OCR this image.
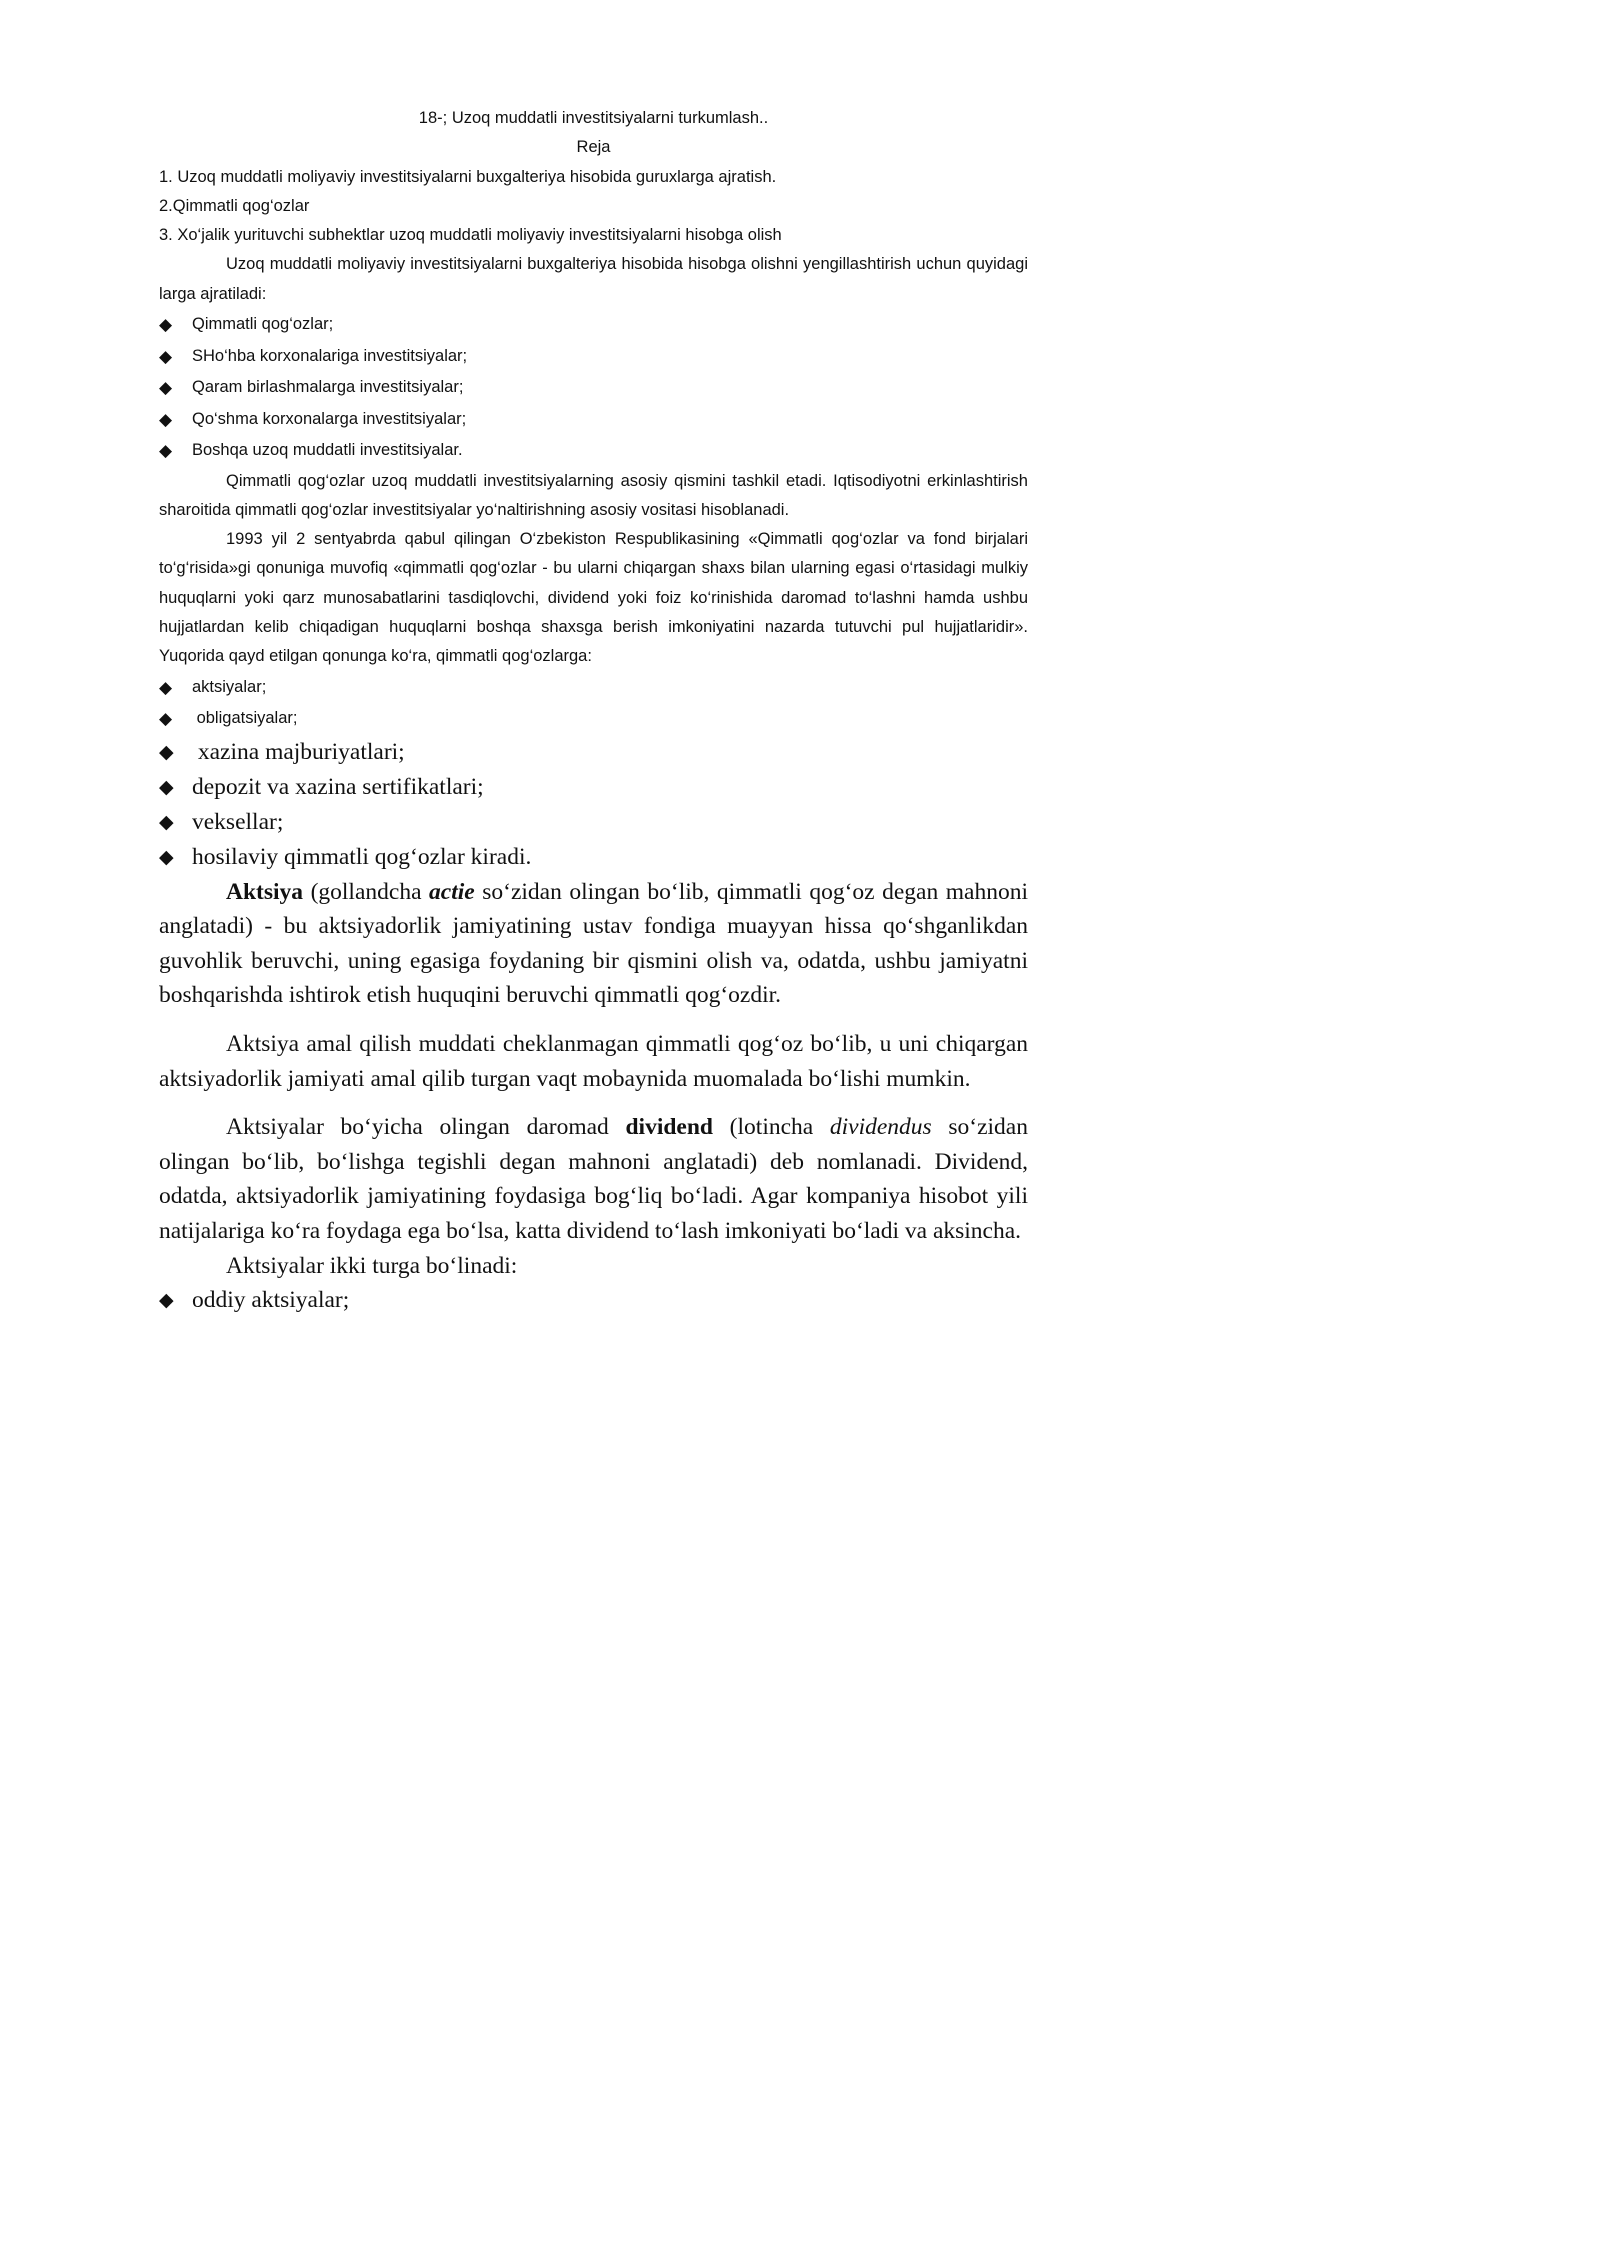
18-; Uzoq muddatli investitsiyalarni turkumlash..

Reja

1. Uzoq muddatli moliyaviy investitsiyalarni buxgalteriya hisobida guruxlarga ajratish.

2.Qimmatli qog‘ozlar

3. Xo‘jalik yurituvchi subhektlar uzoq muddatli moliyaviy investitsiyalarni hisobga olish

Uzoq muddatli moliyaviy investitsiyalarni buxgalteriya hisobida hisobga olishni yengillashtirish uchun quyidagi larga ajratiladi:

◆ Qimmatli qog‘ozlar;
◆ SHo‘hba korxonalariga investitsiyalar;
◆ Qaram birlashmalarga investitsiyalar;
◆ Qo‘shma korxonalarga investitsiyalar;
◆ Boshqa uzoq muddatli investitsiyalar.

Qimmatli qog‘ozlar uzoq muddatli investitsiyalarning asosiy qismini tashkil etadi. Iqtisodiyotni erkinlashtirish sharoitida qimmatli qog‘ozlar investitsiyalar yo‘naltirishning asosiy vositasi hisoblanadi.

1993 yil 2 sentyabrda qabul qilingan O‘zbekiston Respublikasining «Qimmatli qog‘ozlar va fond birjalari to‘g‘risida»gi qonuniga muvofiq «qimmatli qog‘ozlar - bu ularni chiqargan shaxs bilan ularning egasi o‘rtasidagi mulkiy huquqlarni yoki qarz munosabatlarini tasdiqlovchi, dividend yoki foiz ko‘rinishida daromad to‘lashni hamda ushbu hujjatlardan kelib chiqadigan huquqlarni boshqa shaxsga berish imkoniyatini nazarda tutuvchi pul hujjatlaridir». Yuqorida qayd etilgan qonunga ko‘ra, qimmatli qog‘ozlarga:

◆ aktsiyalar;
◆ obligatsiyalar;
◆ xazina majburiyatlari;
◆ depozit va xazina sertifikatlari;
◆ veksellar;
◆ hosilaviy qimmatli qog‘ozlar kiradi.

Aktsiya (gollandcha actie so‘zidan olingan bo‘lib, qimmatli qog‘oz degan mahnoni anglatadi) - bu aktsiyadorlik jamiyatining ustav fondiga muayyan hissa qo‘shganlikdan guvohlik beruvchi, uning egasiga foydaning bir qismini olish va, odatda, ushbu jamiyatni boshqarishda ishtirok etish huquqini beruvchi qimmatli qog‘ozdir.

Aktsiya amal qilish muddati cheklanmagan qimmatli qog‘oz bo‘lib, u uni chiqargan aktsiyadorlik jamiyati amal qilib turgan vaqt mobaynida muomalada bo‘lishi mumkin.

Aktsiyalar bo‘yicha olingan daromad dividend (lotincha dividendus so‘zidan olingan bo‘lib, bo‘lishga tegishli degan mahnoni anglatadi) deb nomlanadi. Dividend, odatda, aktsiyadorlik jamiyatining foydasiga bog‘liq bo‘ladi. Agar kompaniya hisobot yili natijalariga ko‘ra foydaga ega bo‘lsa, katta dividend to‘lash imkoniyati bo‘ladi va aksincha.

Aktsiyalar ikki turga bo‘linadi:

◆ oddiy aktsiyalar;
